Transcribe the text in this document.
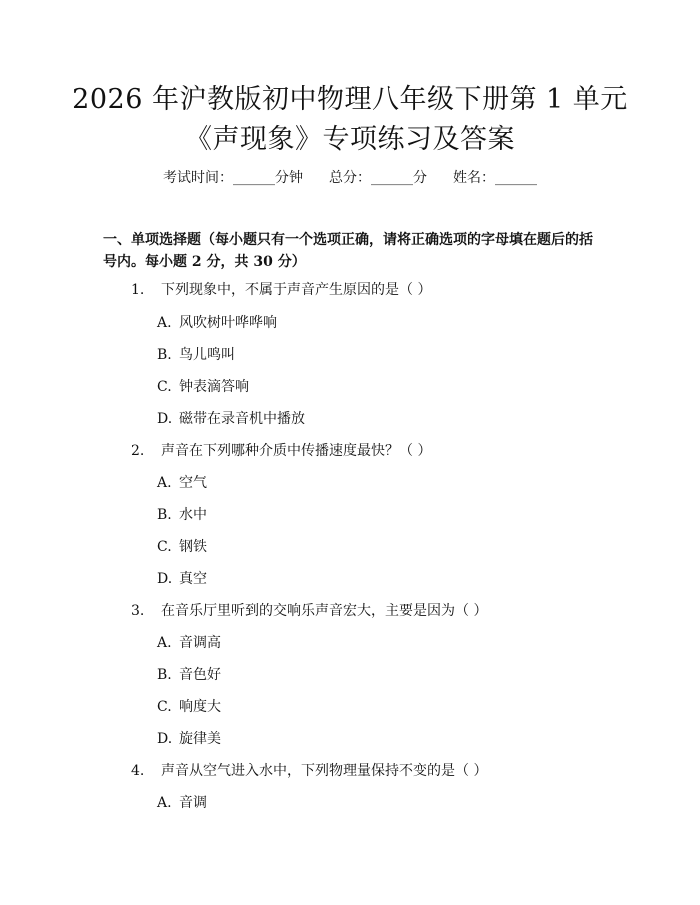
2026 年沪教版初中物理八年级下册第 1 单元
《声现象》专项练习及答案
考试时间：______分钟 总分：______分 姓名：______
一、单项选择题（每小题只有一个选项正确，请将正确选项的字母填在题后的括
号内。每小题 2 分，共 30 分）
1.	下列现象中，不属于声音产生原因的是（ ）
A. 风吹树叶哗哗响
B. 鸟儿鸣叫
C. 钟表滴答响
D. 磁带在录音机中播放
2.	声音在下列哪种介质中传播速度最快？（ ）
A. 空气
B. 水中
C. 钢铁
D. 真空
3.	在音乐厅里听到的交响乐声音宏大，主要是因为（ ）
A. 音调高
B. 音色好
C. 响度大
D. 旋律美
4.	声音从空气进入水中，下列物理量保持不变的是（ ）
A. 音调
